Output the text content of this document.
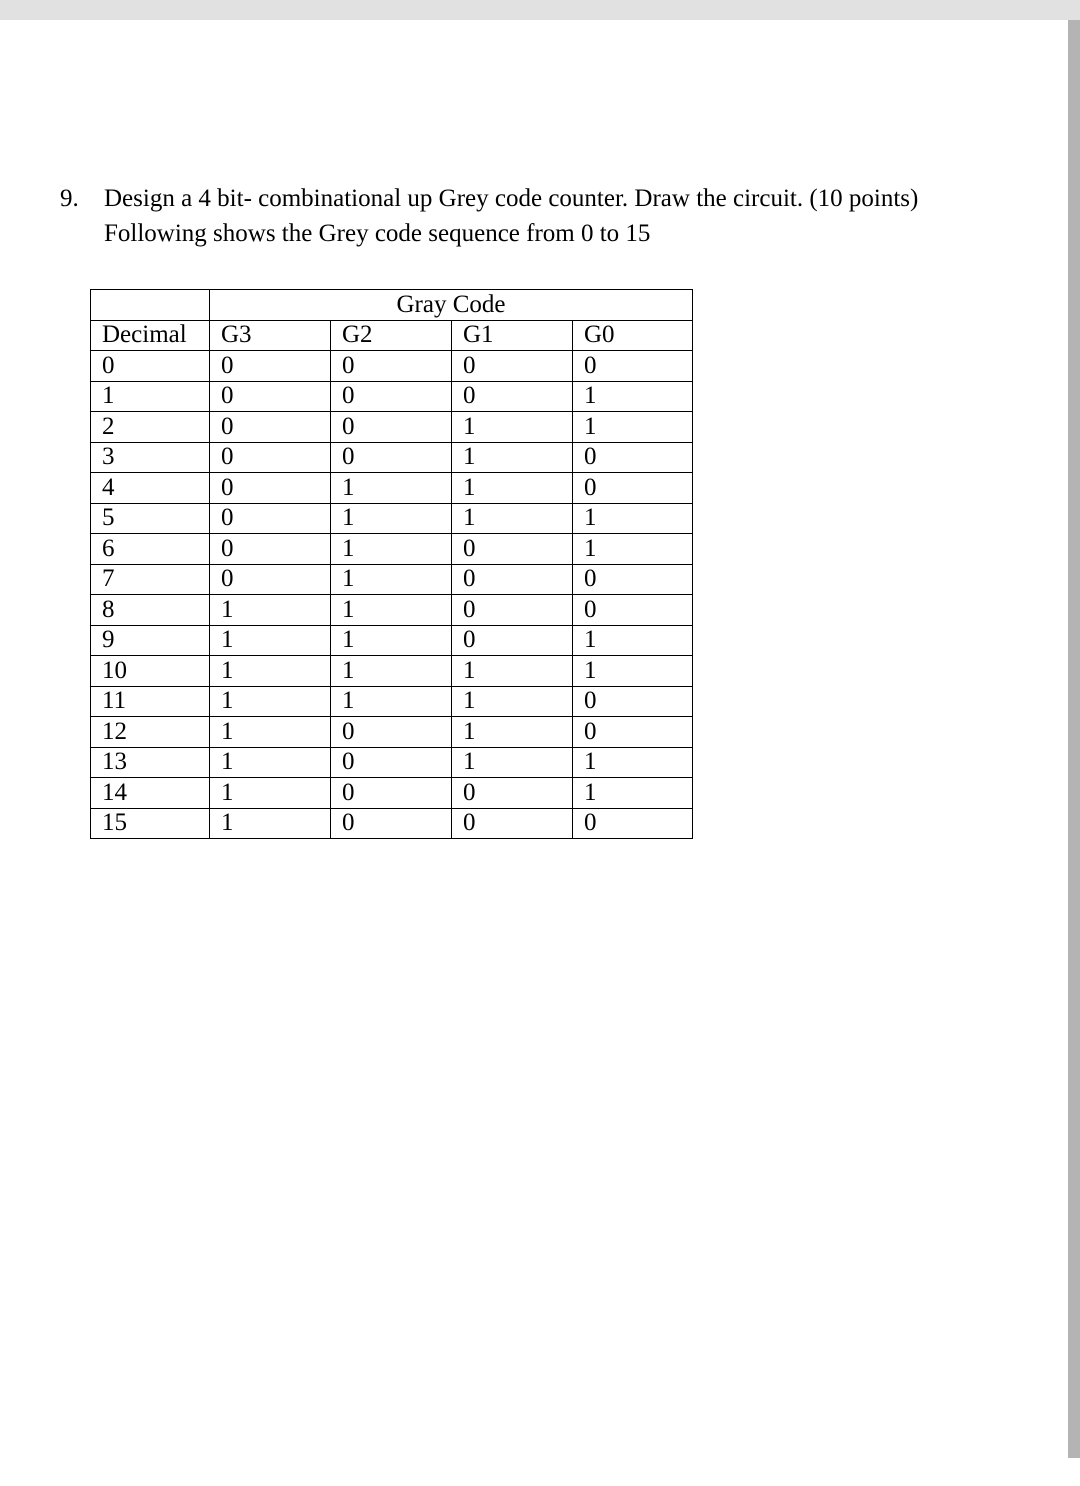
9. Design a 4 bit- combinational up Grey code counter. Draw the circuit. (10 points)
Following shows the Grey code sequence from 0 to 15
	Gray Code			
Decimal	G3	G2	G1	G0
0	0	0	0	0
1	0	0	0	1
2	0	0	1	1
3	0	0	1	0
4	0	1	1	0
5	0	1	1	1
6	0	1	0	1
7	0	1	0	0
8	1	1	0	0
9	1	1	0	1
10	1	1	1	1
11	1	1	1	0
12	1	0	1	0
13	1	0	1	1
14	1	0	0	1
15	1	0	0	0
